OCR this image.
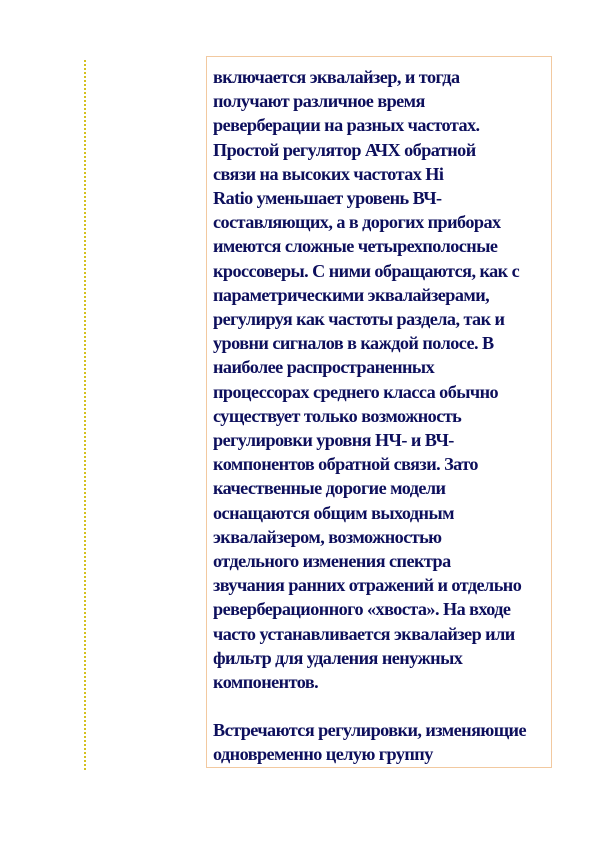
включается эквалайзер, и тогда
получают различное время
реверберации на разных частотах.
Простой регулятор АЧХ обратной
связи на высоких частотах Hi
Ratio уменьшает уровень ВЧ-
составляющих, а в дорогих приборах
имеются сложные четырехполосные
кроссоверы. С ними обращаются, как с
параметрическими эквалайзерами,
регулируя как частоты раздела, так и
уровни сигналов в каждой полосе. В
наиболее распространенных
процессорах среднего класса обычно
существует только возможность
регулировки уровня НЧ- и ВЧ-
компонентов обратной связи. Зато
качественные дорогие модели
оснащаются общим выходным
эквалайзером, возможностью
отдельного изменения спектра
звучания ранних отражений и отдельно
реверберационного «хвоста». На входе
часто устанавливается эквалайзер или
фильтр для удаления ненужных
компонентов.

Встречаются регулировки, изменяющие
одновременно целую группу
